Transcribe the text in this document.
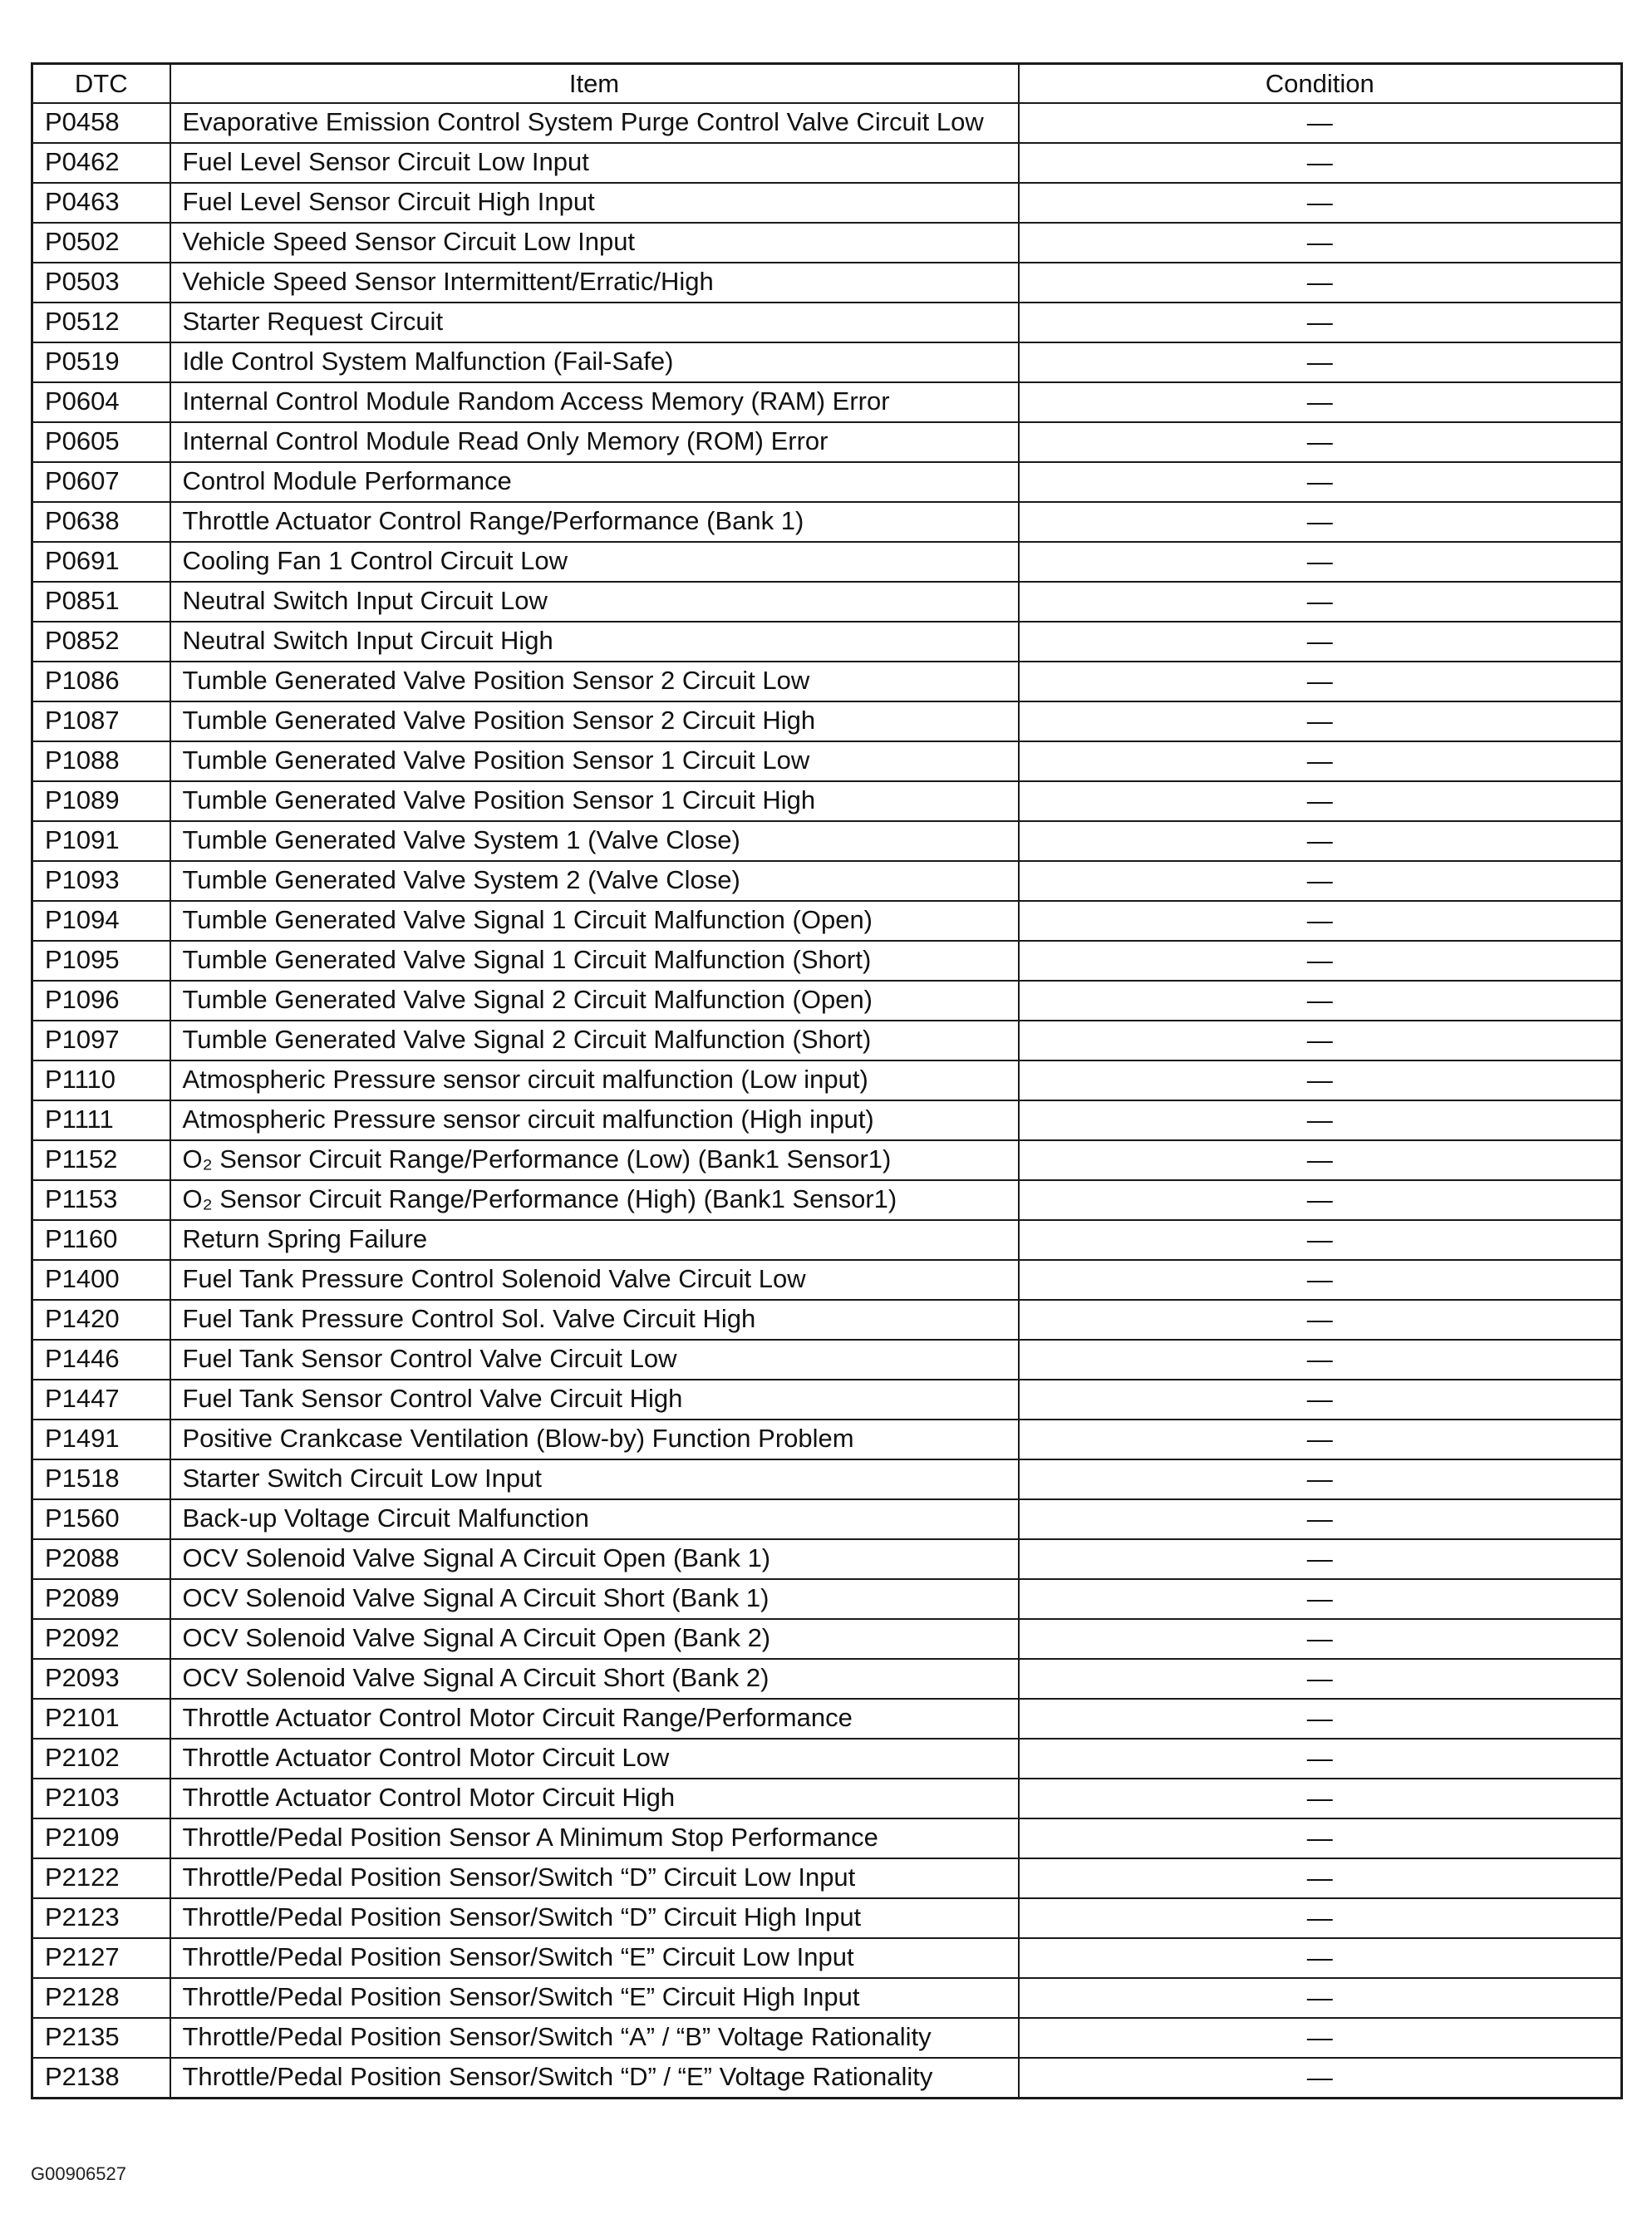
DTC	Item	Condition
P0458	Evaporative Emission Control System Purge Control Valve Circuit Low	—
P0462	Fuel Level Sensor Circuit Low Input	—
P0463	Fuel Level Sensor Circuit High Input	—
P0502	Vehicle Speed Sensor Circuit Low Input	—
P0503	Vehicle Speed Sensor Intermittent/Erratic/High	—
P0512	Starter Request Circuit	—
P0519	Idle Control System Malfunction (Fail-Safe)	—
P0604	Internal Control Module Random Access Memory (RAM) Error	—
P0605	Internal Control Module Read Only Memory (ROM) Error	—
P0607	Control Module Performance	—
P0638	Throttle Actuator Control Range/Performance (Bank 1)	—
P0691	Cooling Fan 1 Control Circuit Low	—
P0851	Neutral Switch Input Circuit Low	—
P0852	Neutral Switch Input Circuit High	—
P1086	Tumble Generated Valve Position Sensor 2 Circuit Low	—
P1087	Tumble Generated Valve Position Sensor 2 Circuit High	—
P1088	Tumble Generated Valve Position Sensor 1 Circuit Low	—
P1089	Tumble Generated Valve Position Sensor 1 Circuit High	—
P1091	Tumble Generated Valve System 1 (Valve Close)	—
P1093	Tumble Generated Valve System 2 (Valve Close)	—
P1094	Tumble Generated Valve Signal 1 Circuit Malfunction (Open)	—
P1095	Tumble Generated Valve Signal 1 Circuit Malfunction (Short)	—
P1096	Tumble Generated Valve Signal 2 Circuit Malfunction (Open)	—
P1097	Tumble Generated Valve Signal 2 Circuit Malfunction (Short)	—
P1110	Atmospheric Pressure sensor circuit malfunction (Low input)	—
P1111	Atmospheric Pressure sensor circuit malfunction (High input)	—
P1152	O₂ Sensor Circuit Range/Performance (Low) (Bank1 Sensor1)	—
P1153	O₂ Sensor Circuit Range/Performance (High) (Bank1 Sensor1)	—
P1160	Return Spring Failure	—
P1400	Fuel Tank Pressure Control Solenoid Valve Circuit Low	—
P1420	Fuel Tank Pressure Control Sol. Valve Circuit High	—
P1446	Fuel Tank Sensor Control Valve Circuit Low	—
P1447	Fuel Tank Sensor Control Valve Circuit High	—
P1491	Positive Crankcase Ventilation (Blow-by) Function Problem	—
P1518	Starter Switch Circuit Low Input	—
P1560	Back-up Voltage Circuit Malfunction	—
P2088	OCV Solenoid Valve Signal A Circuit Open (Bank 1)	—
P2089	OCV Solenoid Valve Signal A Circuit Short (Bank 1)	—
P2092	OCV Solenoid Valve Signal A Circuit Open (Bank 2)	—
P2093	OCV Solenoid Valve Signal A Circuit Short (Bank 2)	—
P2101	Throttle Actuator Control Motor Circuit Range/Performance	—
P2102	Throttle Actuator Control Motor Circuit Low	—
P2103	Throttle Actuator Control Motor Circuit High	—
P2109	Throttle/Pedal Position Sensor A Minimum Stop Performance	—
P2122	Throttle/Pedal Position Sensor/Switch “D” Circuit Low Input	—
P2123	Throttle/Pedal Position Sensor/Switch “D” Circuit High Input	—
P2127	Throttle/Pedal Position Sensor/Switch “E” Circuit Low Input	—
P2128	Throttle/Pedal Position Sensor/Switch “E” Circuit High Input	—
P2135	Throttle/Pedal Position Sensor/Switch “A” / “B” Voltage Rationality	—
P2138	Throttle/Pedal Position Sensor/Switch “D” / “E” Voltage Rationality	—
G00906527
